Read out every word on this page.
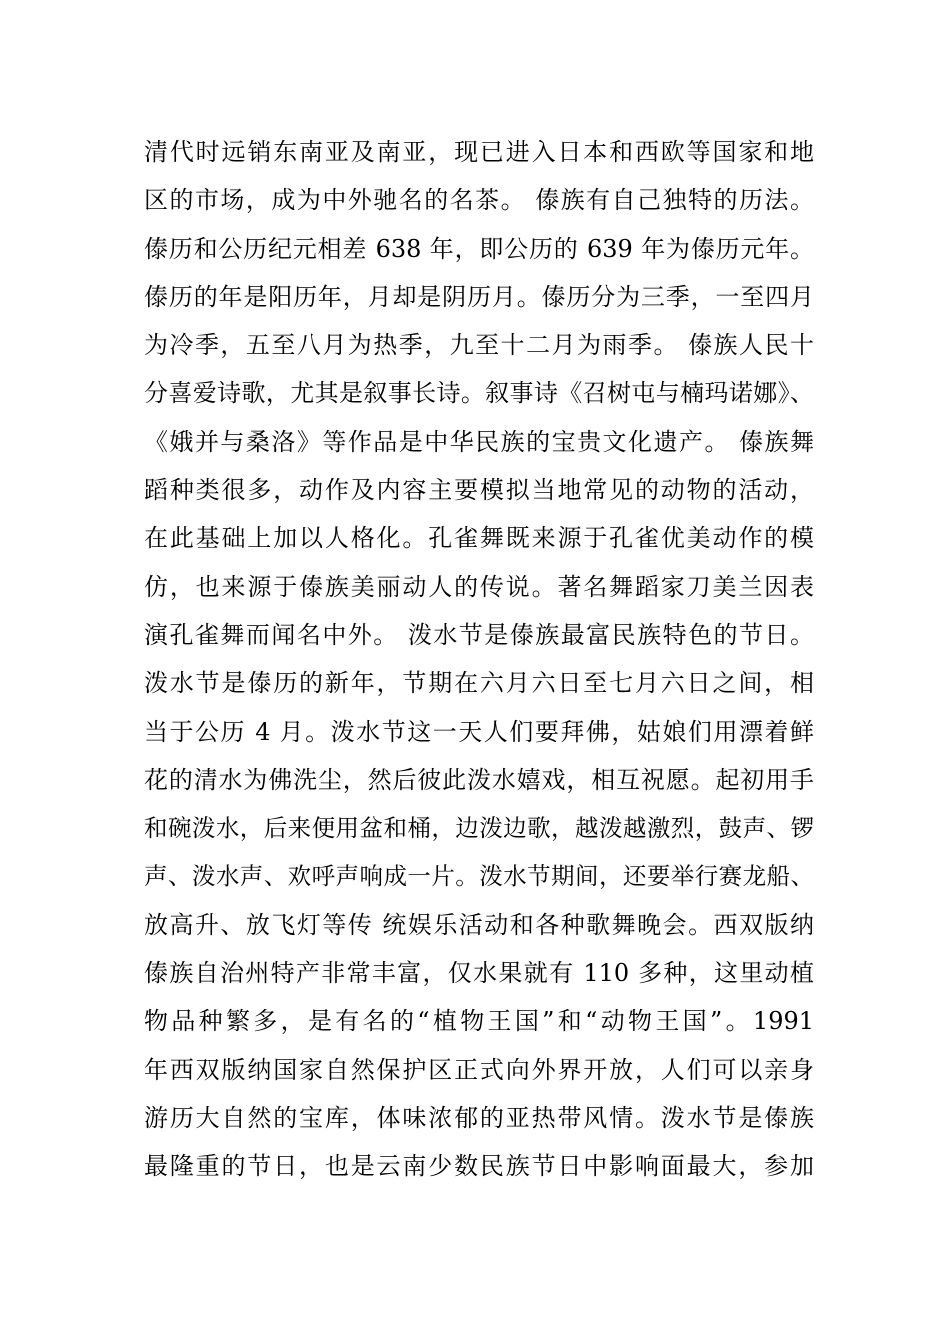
清代时远销东南亚及南亚，现已进入日本和西欧等国家和地
区的市场，成为中外驰名的名茶。 傣族有自己独特的历法。
傣历和公历纪元相差 638 年，即公历的 639 年为傣历元年。
傣历的年是阳历年，月却是阴历月。傣历分为三季，一至四月
为冷季，五至八月为热季，九至十二月为雨季。 傣族人民十
分喜爱诗歌，尤其是叙事长诗。叙事诗《召树屯与楠玛诺娜》、
《娥并与桑洛》等作品是中华民族的宝贵文化遗产。 傣族舞
蹈种类很多，动作及内容主要模拟当地常见的动物的活动，
在此基础上加以人格化。孔雀舞既来源于孔雀优美动作的模
仿，也来源于傣族美丽动人的传说。著名舞蹈家刀美兰因表
演孔雀舞而闻名中外。 泼水节是傣族最富民族特色的节日。
泼水节是傣历的新年，节期在六月六日至七月六日之间，相
当于公历 4 月。泼水节这一天人们要拜佛，姑娘们用漂着鲜
花的清水为佛洗尘，然后彼此泼水嬉戏，相互祝愿。起初用手
和碗泼水，后来便用盆和桶，边泼边歌，越泼越激烈，鼓声、锣
声、泼水声、欢呼声响成一片。泼水节期间，还要举行赛龙船、
放高升、放飞灯等传 统娱乐活动和各种歌舞晚会。西双版纳
傣族自治州特产非常丰富，仅水果就有 110 多种，这里动植
物品种繁多，是有名的“植物王国”和“动物王国”。1991
年西双版纳国家自然保护区正式向外界开放，人们可以亲身
游历大自然的宝库，体味浓郁的亚热带风情。泼水节是傣族
最隆重的节日，也是云南少数民族节日中影响面最大，参加
